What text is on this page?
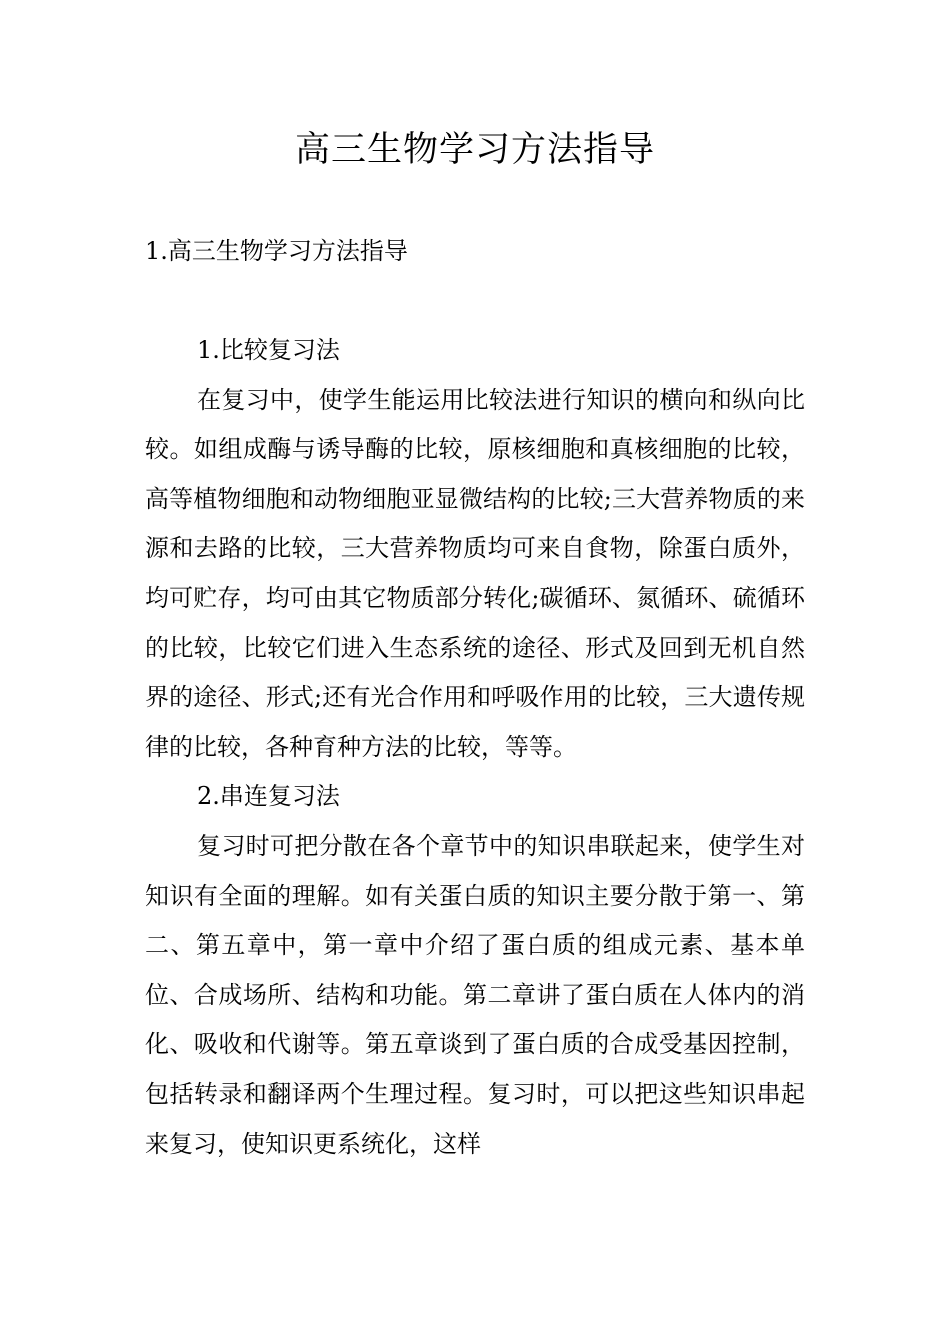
高三生物学习方法指导

1.高三生物学习方法指导

1.比较复习法

在复习中，使学生能运用比较法进行知识的横向和纵向比较。如组成酶与诱导酶的比较，原核细胞和真核细胞的比较，高等植物细胞和动物细胞亚显微结构的比较;三大营养物质的来源和去路的比较，三大营养物质均可来自食物，除蛋白质外，均可贮存，均可由其它物质部分转化;碳循环、氮循环、硫循环的比较，比较它们进入生态系统的途径、形式及回到无机自然界的途径、形式;还有光合作用和呼吸作用的比较，三大遗传规律的比较，各种育种方法的比较，等等。

2.串连复习法

复习时可把分散在各个章节中的知识串联起来，使学生对知识有全面的理解。如有关蛋白质的知识主要分散于第一、第二、第五章中，第一章中介绍了蛋白质的组成元素、基本单位、合成场所、结构和功能。第二章讲了蛋白质在人体内的消化、吸收和代谢等。第五章谈到了蛋白质的合成受基因控制，包括转录和翻译两个生理过程。复习时，可以把这些知识串起来复习，使知识更系统化，这样
